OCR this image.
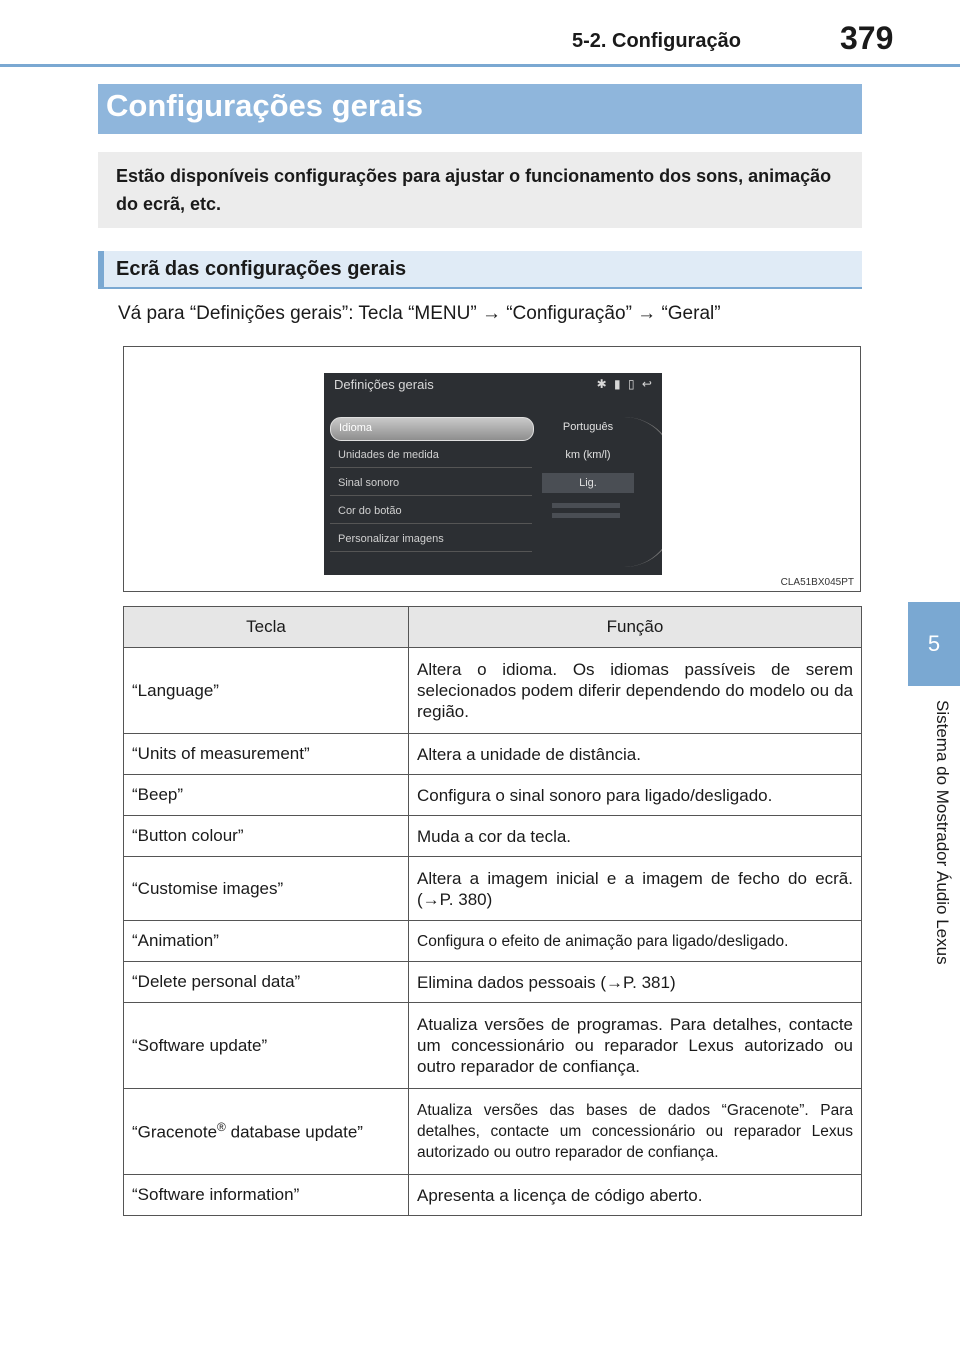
5-2. Configuração	379
5
Sistema do Mostrador Áudio Lexus
Configurações gerais

Estão disponíveis configurações para ajustar o funcionamento dos sons, animação do ecrã, etc.

Ecrã das configurações gerais
Vá para “Definições gerais”: Tecla “MENU” → “Configuração” → “Geral”
Definições gerais	✱ ▮ ▯ ↩
Idioma
Unidades de medida
Sinal sonoro
Cor do botão
Personalizar imagens
Português
km (km/l)
Lig.
CLA51BX045PT
Tecla	Função
“Language”	Altera o idioma. Os idiomas passíveis de serem selecionados podem diferir dependendo do modelo ou da região.
“Units of measurement”	Altera a unidade de distância.
“Beep”	Configura o sinal sonoro para ligado/desligado.
“Button colour”	Muda a cor da tecla.
“Customise images”	Altera a imagem inicial e a imagem de fecho do ecrã. (→P. 380)
“Animation”	Configura o efeito de animação para ligado/desligado.
“Delete personal data”	Elimina dados pessoais (→P. 381)
“Software update”	Atualiza versões de programas. Para detalhes, contacte um concessionário ou reparador Lexus autorizado ou outro reparador de confiança.
“Gracenote® database update”	Atualiza versões das bases de dados “Gracenote”. Para detalhes, contacte um concessionário ou reparador Lexus autorizado ou outro reparador de confiança.
“Software information”	Apresenta a licença de código aberto.
